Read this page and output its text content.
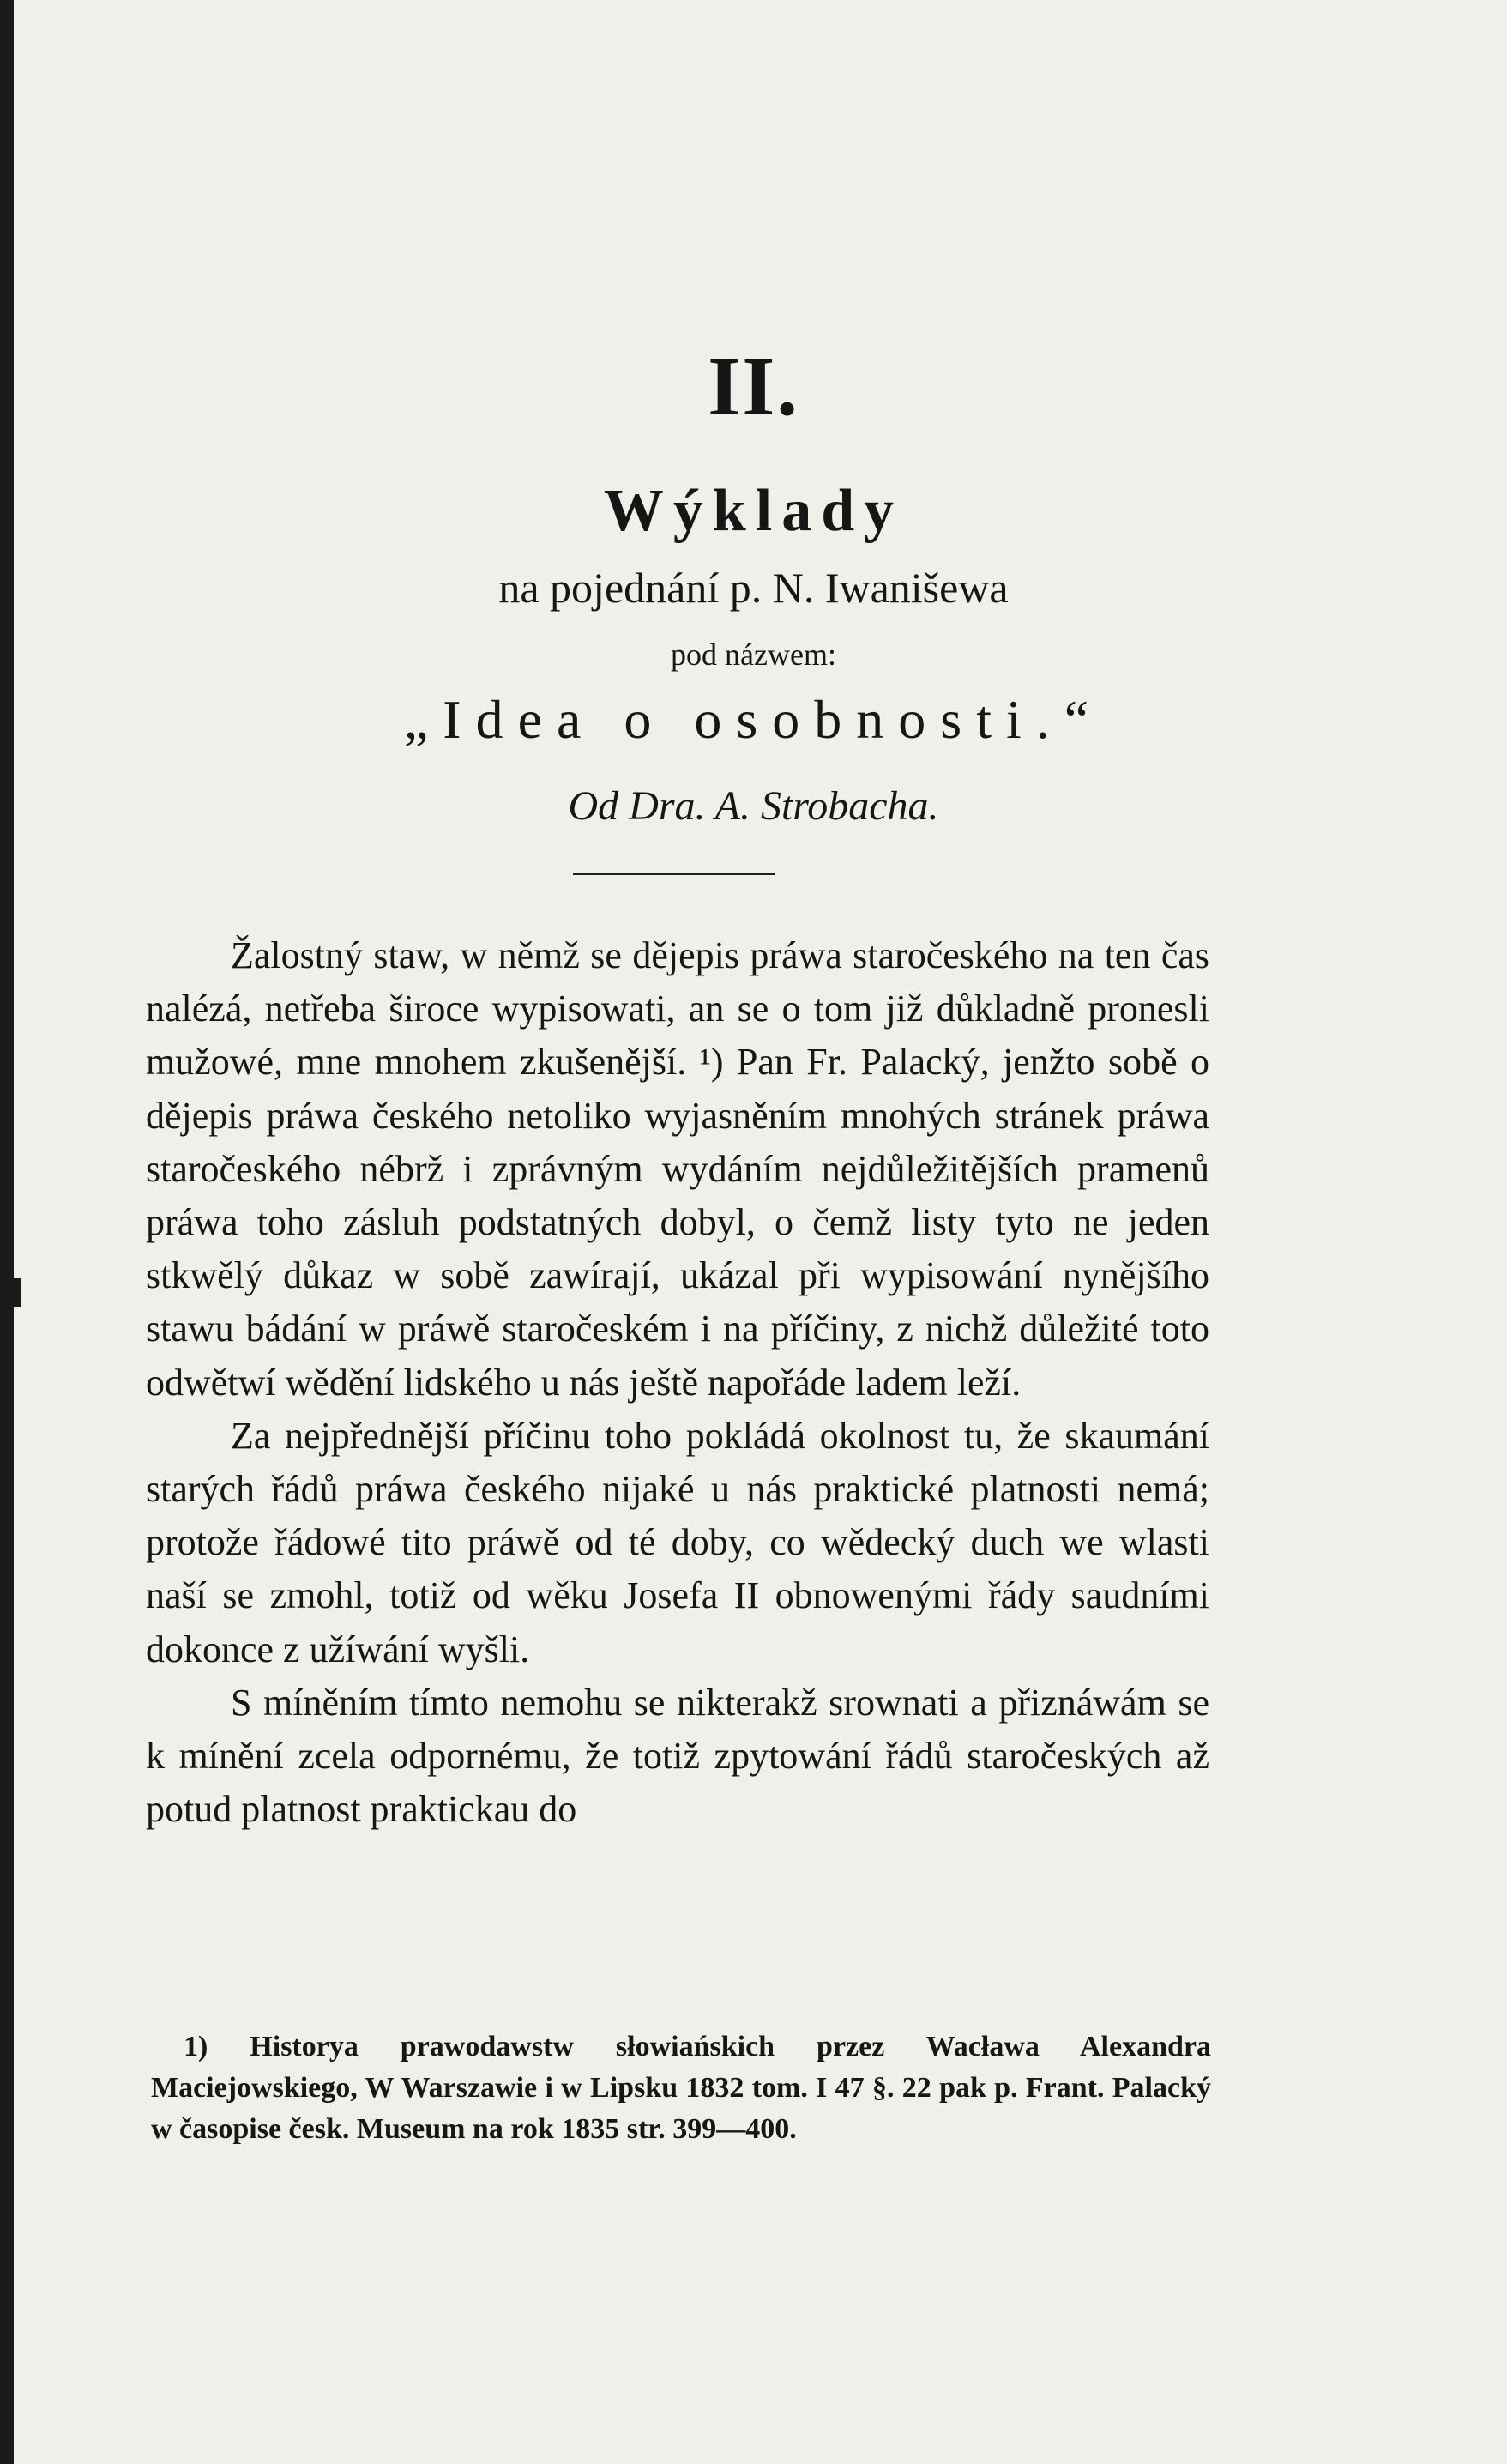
II.
Wýklady
na pojednání p. N. Iwanišewa
pod názwem:
„Idea o osobnosti.“
Od Dra. A. Strobacha.

Žalostný staw, w němž se dějepis práwa staročeského na ten čas nalézá, netřeba široce wypisowati, an se o tom již důkladně pronesli mužowé, mne mnohem zkušenější. ¹) Pan Fr. Palacký, jenžto sobě o dějepis práwa českého netoliko wyjasněním mnohých stránek práwa staročeského nébrž i zprávným wydáním nejdůležitějších pramenů práwa toho zásluh podstatných dobyl, o čemž listy tyto ne jeden stkwělý důkaz w sobě zawírají, ukázal při wypisowání nynějšího stawu bádání w práwě staročeském i na příčiny, z nichž důležité toto odwětwí wědění lidského u nás ještě napořáde ladem leží.

Za nejpřednější příčinu toho pokládá okolnost tu, že skaumání starých řádů práwa českého nijaké u nás praktické platnosti nemá; protože řádowé tito práwě od té doby, co wědecký duch we wlasti naší se zmohl, totiž od wěku Josefa II obnowenými řády saudními dokonce z užíwání wyšli.

S míněním tímto nemohu se nikterakž srownati a přiznáwám se k mínění zcela odpornému, že totiž zpytowání řádů staročeských až potud platnost praktickau do

1) Historya prawodawstw słowiańskich przez Wacława Alexandra Maciejowskiego, W Warszawie i w Lipsku 1832 tom. I 47 §. 22 pak p. Frant. Palacký w časopise česk. Museum na rok 1835 str. 399—400.
